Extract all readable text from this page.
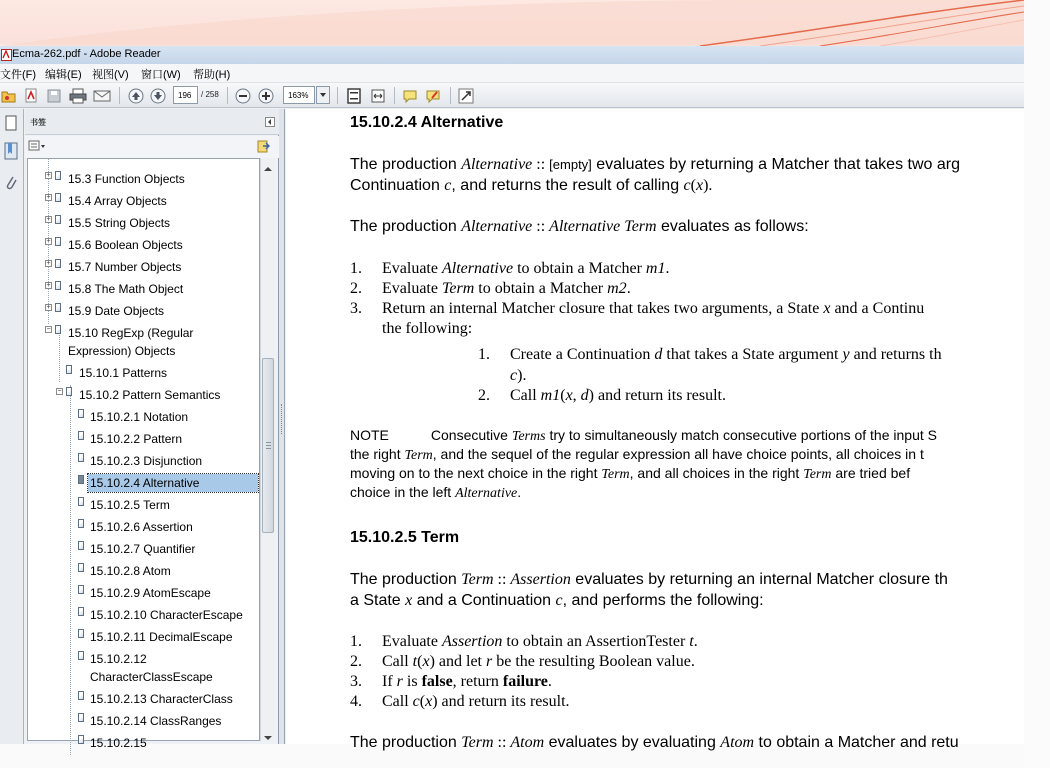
Ecma-262.pdf - Adobe Reader
文件(F) 编辑(E) 视图(V) 窗口(W) 帮助(H)
196
/ 258
163%
书签
+ 15.3 Function Objects
+ 15.4 Array Objects
+ 15.5 String Objects
+ 15.6 Boolean Objects
+ 15.7 Number Objects
+ 15.8 The Math Object
+ 15.9 Date Objects
− 15.10 RegExp (Regular
Expression) Objects
15.10.1 Patterns
− 15.10.2 Pattern Semantics
15.10.2.1 Notation
15.10.2.2 Pattern
15.10.2.3 Disjunction
15.10.2.4 Alternative
15.10.2.5 Term
15.10.2.6 Assertion
15.10.2.7 Quantifier
15.10.2.8 Atom
15.10.2.9 AtomEscape
15.10.2.10 CharacterEscape
15.10.2.11 DecimalEscape
15.10.2.12
CharacterClassEscape
15.10.2.13 CharacterClass
15.10.2.14 ClassRanges
15.10.2.15
15.10.2.4 Alternative
The production Alternative :: [empty] evaluates by returning a Matcher that takes two arg
Continuation c, and returns the result of calling c(x).
The production Alternative :: Alternative Term evaluates as follows:
1. Evaluate Alternative to obtain a Matcher m1.
2. Evaluate Term to obtain a Matcher m2.
3. Return an internal Matcher closure that takes two arguments, a State x and a Continu
the following:
1. Create a Continuation d that takes a State argument y and returns th
c).
2. Call m1(x, d) and return its result.
NOTE	Consecutive Terms try to simultaneously match consecutive portions of the input S
the right Term, and the sequel of the regular expression all have choice points, all choices in t
moving on to the next choice in the right Term, and all choices in the right Term are tried bef
choice in the left Alternative.
15.10.2.5 Term
The production Term :: Assertion evaluates by returning an internal Matcher closure th
a State x and a Continuation c, and performs the following:
1. Evaluate Assertion to obtain an AssertionTester t.
2. Call t(x) and let r be the resulting Boolean value.
3. If r is false, return failure.
4. Call c(x) and return its result.
The production Term :: Atom evaluates by evaluating Atom to obtain a Matcher and retu
